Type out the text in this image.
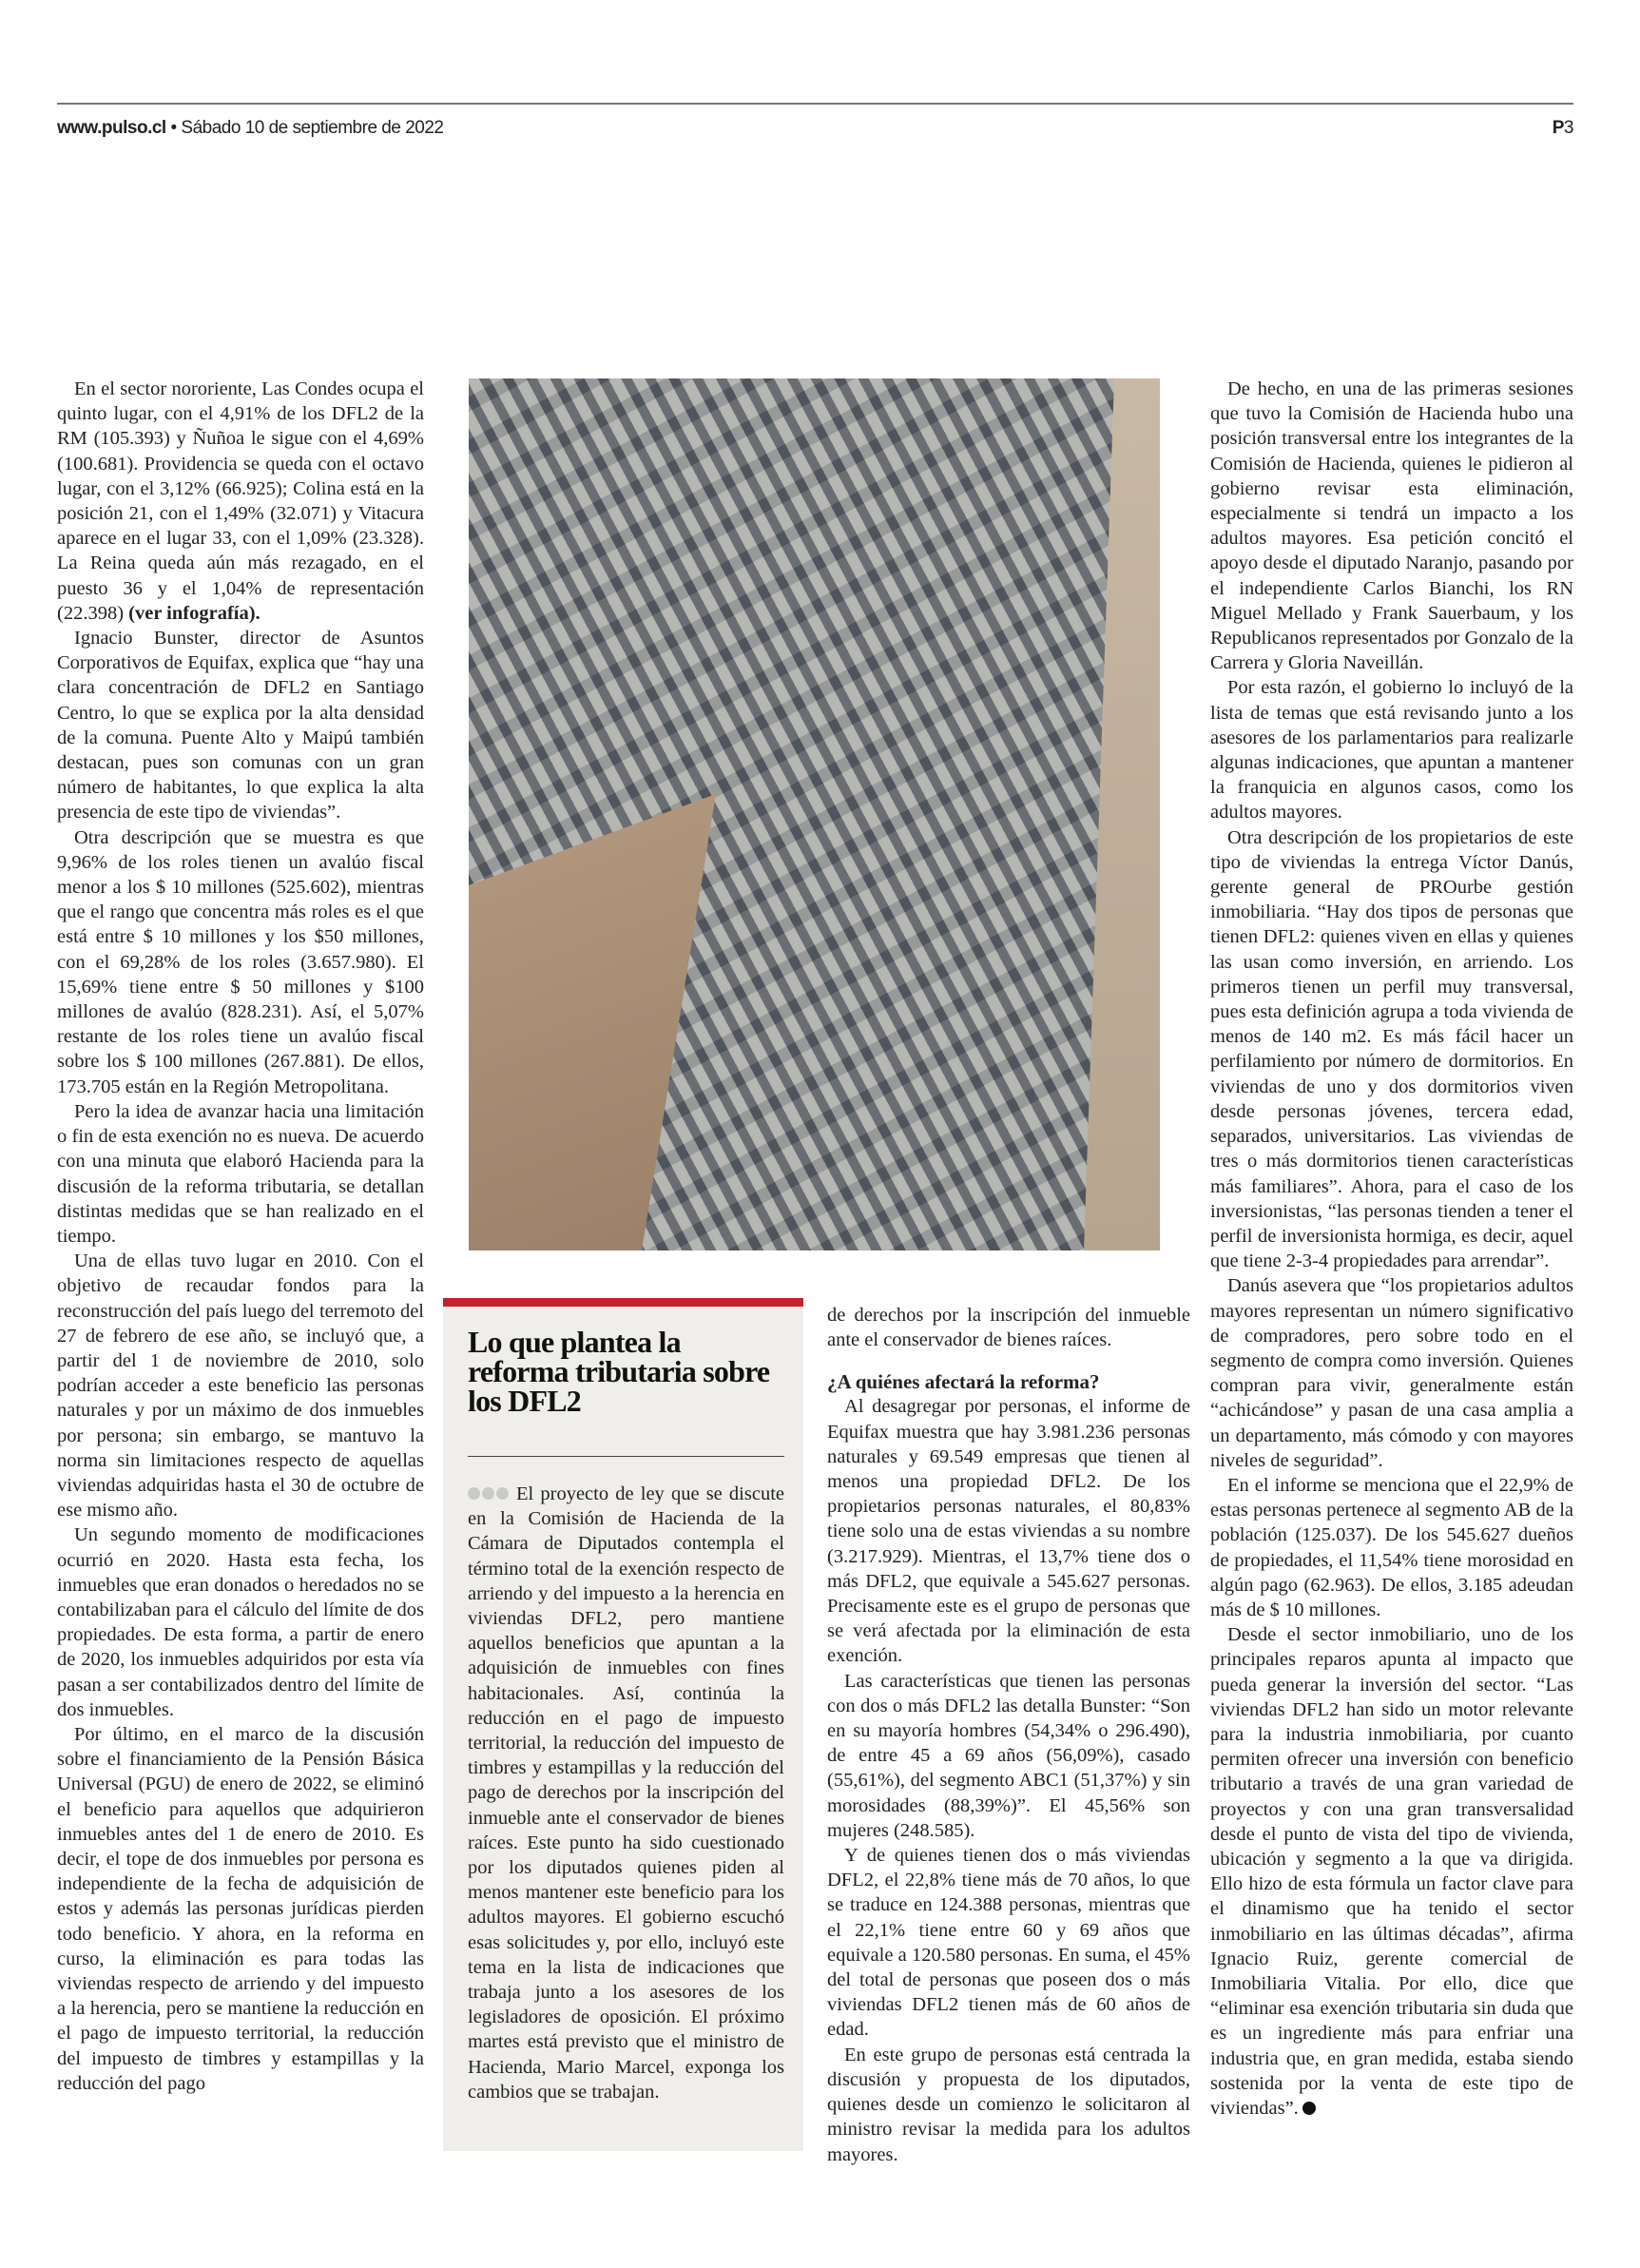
www.pulso.cl • Sábado 10 de septiembre de 2022	P3

En el sector nororiente, Las Condes ocupa el quinto lugar, con el 4,91% de los DFL2 de la RM (105.393) y Ñuñoa le sigue con el 4,69% (100.681). Providencia se queda con el octavo lugar, con el 3,12% (66.925); Colina está en la posición 21, con el 1,49% (32.071) y Vitacura aparece en el lugar 33, con el 1,09% (23.328). La Reina queda aún más rezagado, en el puesto 36 y el 1,04% de representación (22.398) (ver infografía).

Ignacio Bunster, director de Asuntos Corporativos de Equifax, explica que “hay una clara concentración de DFL2 en Santiago Centro, lo que se explica por la alta densidad de la comuna. Puente Alto y Maipú también destacan, pues son comunas con un gran número de habitantes, lo que explica la alta presencia de este tipo de viviendas”.

Otra descripción que se muestra es que 9,96% de los roles tienen un avalúo fiscal menor a los $ 10 millones (525.602), mientras que el rango que concentra más roles es el que está entre $ 10 millones y los $50 millones, con el 69,28% de los roles (3.657.980). El 15,69% tiene entre $ 50 millones y $100 millones de avalúo (828.231). Así, el 5,07% restante de los roles tiene un avalúo fiscal sobre los $ 100 millones (267.881). De ellos, 173.705 están en la Región Metropolitana.

Pero la idea de avanzar hacia una limitación o fin de esta exención no es nueva. De acuerdo con una minuta que elaboró Hacienda para la discusión de la reforma tributaria, se detallan distintas medidas que se han realizado en el tiempo.

Una de ellas tuvo lugar en 2010. Con el objetivo de recaudar fondos para la reconstrucción del país luego del terremoto del 27 de febrero de ese año, se incluyó que, a partir del 1 de noviembre de 2010, solo podrían acceder a este beneficio las personas naturales y por un máximo de dos inmuebles por persona; sin embargo, se mantuvo la norma sin limitaciones respecto de aquellas viviendas adquiridas hasta el 30 de octubre de ese mismo año.

Un segundo momento de modificaciones ocurrió en 2020. Hasta esta fecha, los inmuebles que eran donados o heredados no se contabilizaban para el cálculo del límite de dos propiedades. De esta forma, a partir de enero de 2020, los inmuebles adquiridos por esta vía pasan a ser contabilizados dentro del límite de dos inmuebles.

Por último, en el marco de la discusión sobre el financiamiento de la Pensión Básica Universal (PGU) de enero de 2022, se eliminó el beneficio para aquellos que adquirieron inmuebles antes del 1 de enero de 2010. Es decir, el tope de dos inmuebles por persona es independiente de la fecha de adquisición de estos y además las personas jurídicas pierden todo beneficio. Y ahora, en la reforma en curso, la eliminación es para todas las viviendas respecto de arriendo y del impuesto a la herencia, pero se mantiene la reducción en el pago de impuesto territorial, la reducción del impuesto de timbres y estampillas y la reducción del pago

Lo que plantea la reforma tributaria sobre los DFL2
El proyecto de ley que se discute en la Comisión de Hacienda de la Cámara de Diputados contempla el término total de la exención respecto de arriendo y del impuesto a la herencia en viviendas DFL2, pero mantiene aquellos beneficios que apuntan a la adquisición de inmuebles con fines habitacionales. Así, continúa la reducción en el pago de impuesto territorial, la reducción del impuesto de timbres y estampillas y la reducción del pago de derechos por la inscripción del inmueble ante el conservador de bienes raíces. Este punto ha sido cuestionado por los diputados quienes piden al menos mantener este beneficio para los adultos mayores. El gobierno escuchó esas solicitudes y, por ello, incluyó este tema en la lista de indicaciones que trabaja junto a los asesores de los legisladores de oposición. El próximo martes está previsto que el ministro de Hacienda, Mario Marcel, exponga los cambios que se trabajan.
de derechos por la inscripción del inmueble ante el conservador de bienes raíces.
¿A quiénes afectará la reforma?

Al desagregar por personas, el informe de Equifax muestra que hay 3.981.236 personas naturales y 69.549 empresas que tienen al menos una propiedad DFL2. De los propietarios personas naturales, el 80,83% tiene solo una de estas viviendas a su nombre (3.217.929). Mientras, el 13,7% tiene dos o más DFL2, que equivale a 545.627 personas. Precisamente este es el grupo de personas que se verá afectada por la eliminación de esta exención.

Las características que tienen las personas con dos o más DFL2 las detalla Bunster: “Son en su mayoría hombres (54,34% o 296.490), de entre 45 a 69 años (56,09%), casado (55,61%), del segmento ABC1 (51,37%) y sin morosidades (88,39%)”. El 45,56% son mujeres (248.585).

Y de quienes tienen dos o más viviendas DFL2, el 22,8% tiene más de 70 años, lo que se traduce en 124.388 personas, mientras que el 22,1% tiene entre 60 y 69 años que equivale a 120.580 personas. En suma, el 45% del total de personas que poseen dos o más viviendas DFL2 tienen más de 60 años de edad.

En este grupo de personas está centrada la discusión y propuesta de los diputados, quienes desde un comienzo le solicitaron al ministro revisar la medida para los adultos mayores.

De hecho, en una de las primeras sesiones que tuvo la Comisión de Hacienda hubo una posición transversal entre los integrantes de la Comisión de Hacienda, quienes le pidieron al gobierno revisar esta eliminación, especialmente si tendrá un impacto a los adultos mayores. Esa petición concitó el apoyo desde el diputado Naranjo, pasando por el independiente Carlos Bianchi, los RN Miguel Mellado y Frank Sauerbaum, y los Republicanos representados por Gonzalo de la Carrera y Gloria Naveillán.

Por esta razón, el gobierno lo incluyó de la lista de temas que está revisando junto a los asesores de los parlamentarios para realizarle algunas indicaciones, que apuntan a mantener la franquicia en algunos casos, como los adultos mayores.

Otra descripción de los propietarios de este tipo de viviendas la entrega Víctor Danús, gerente general de PROurbe gestión inmobiliaria. “Hay dos tipos de personas que tienen DFL2: quienes viven en ellas y quienes las usan como inversión, en arriendo. Los primeros tienen un perfil muy transversal, pues esta definición agrupa a toda vivienda de menos de 140 m2. Es más fácil hacer un perfilamiento por número de dormitorios. En viviendas de uno y dos dormitorios viven desde personas jóvenes, tercera edad, separados, universitarios. Las viviendas de tres o más dormitorios tienen características más familiares”. Ahora, para el caso de los inversionistas, “las personas tienden a tener el perfil de inversionista hormiga, es decir, aquel que tiene 2-3-4 propiedades para arrendar”.

Danús asevera que “los propietarios adultos mayores representan un número significativo de compradores, pero sobre todo en el segmento de compra como inversión. Quienes compran para vivir, generalmente están “achicándose” y pasan de una casa amplia a un departamento, más cómodo y con mayores niveles de seguridad”.

En el informe se menciona que el 22,9% de estas personas pertenece al segmento AB de la población (125.037). De los 545.627 dueños de propiedades, el 11,54% tiene morosidad en algún pago (62.963). De ellos, 3.185 adeudan más de $ 10 millones.

Desde el sector inmobiliario, uno de los principales reparos apunta al impacto que pueda generar la inversión del sector. “Las viviendas DFL2 han sido un motor relevante para la industria inmobiliaria, por cuanto permiten ofrecer una inversión con beneficio tributario a través de una gran variedad de proyectos y con una gran transversalidad desde el punto de vista del tipo de vivienda, ubicación y segmento a la que va dirigida. Ello hizo de esta fórmula un factor clave para el dinamismo que ha tenido el sector inmobiliario en las últimas décadas”, afirma Ignacio Ruiz, gerente comercial de Inmobiliaria Vitalia. Por ello, dice que “eliminar esa exención tributaria sin duda que es un ingrediente más para enfriar una industria que, en gran medida, estaba siendo sostenida por la venta de este tipo de viviendas”.
